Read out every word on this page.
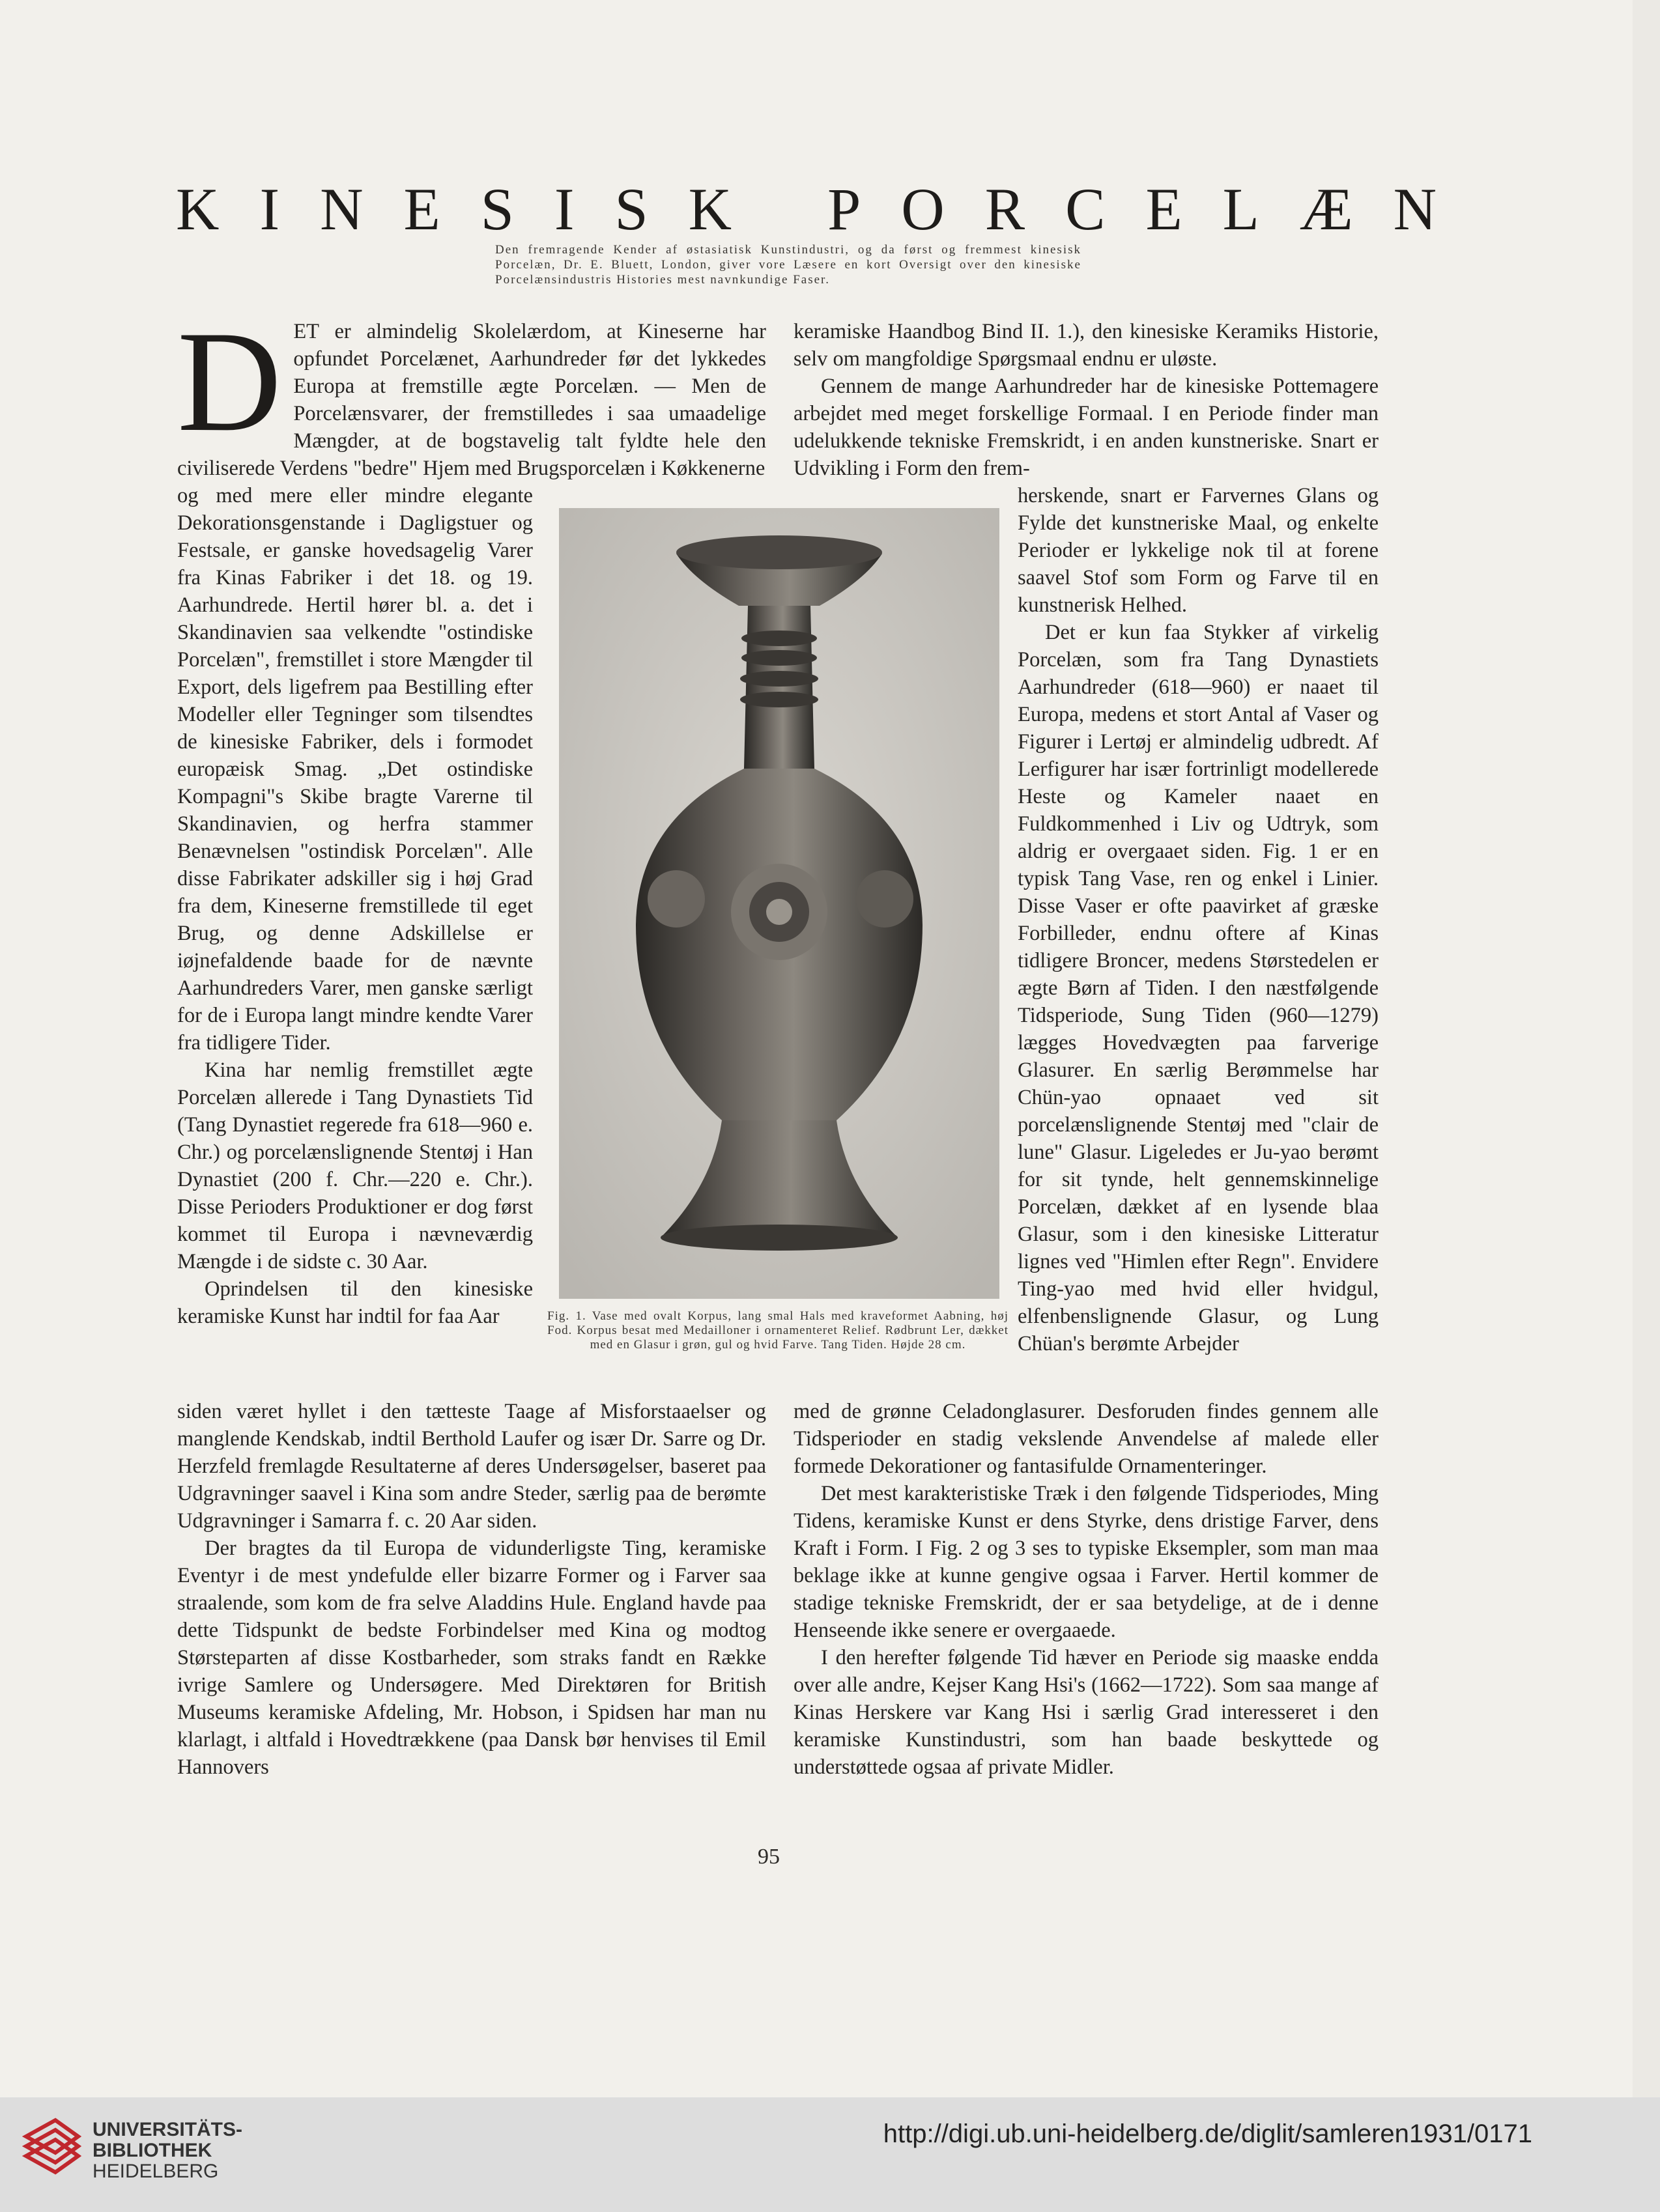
KINESISK PORCELÆN
Den fremragende Kender af østasiatisk Kunstindustri, og da først og fremmest kinesisk Porcelæn, Dr. E. Bluett, London, giver vore Læsere en kort Oversigt over den kinesiske Porcelænsindustris Histories mest navnkundige Faser.

DET er almindelig Skolelærdom, at Kineserne har opfundet Porcelænet, Aarhundreder før det lykkedes Europa at fremstille ægte Porcelæn. — Men de Porcelænsvarer, der fremstilledes i saa umaadelige Mængder, at de bogstavelig talt fyldte hele den civiliserede Verdens "bedre" Hjem med Brugsporcelæn i Køkkenerne

og med mere eller mindre elegante Dekorationsgenstande i Dagligstuer og Festsale, er ganske hovedsagelig Varer fra Kinas Fabriker i det 18. og 19. Aarhundrede. Hertil hører bl. a. det i Skandinavien saa velkendte "ostindiske Porcelæn", fremstillet i store Mængder til Export, dels ligefrem paa Bestilling efter Modeller eller Tegninger som tilsendtes de kinesiske Fabriker, dels i formodet europæisk Smag. „Det ostindiske Kompagni"s Skibe bragte Varerne til Skandinavien, og herfra stammer Benævnelsen "ostindisk Porcelæn". Alle disse Fabrikater adskiller sig i høj Grad fra dem, Kineserne fremstillede til eget Brug, og denne Adskillelse er iøjnefaldende baade for de nævnte Aarhundreders Varer, men ganske særligt for de i Europa langt mindre kendte Varer fra tidligere Tider.

Kina har nemlig fremstillet ægte Porcelæn allerede i Tang Dynastiets Tid (Tang Dynastiet regerede fra 618—960 e. Chr.) og porcelænslignende Stentøj i Han Dynastiet (200 f. Chr.—220 e. Chr.). Disse Perioders Produktioner er dog først kommet til Europa i nævneværdig Mængde i de sidste c. 30 Aar.

Oprindelsen til den kinesiske keramiske Kunst har indtil for faa Aar

siden været hyllet i den tætteste Taage af Misforstaaelser og manglende Kendskab, indtil Berthold Laufer og især Dr. Sarre og Dr. Herzfeld fremlagde Resultaterne af deres Undersøgelser, baseret paa Udgravninger saavel i Kina som andre Steder, særlig paa de berømte Udgravninger i Samarra f. c. 20 Aar siden.

Der bragtes da til Europa de vidunderligste Ting, keramiske Eventyr i de mest yndefulde eller bizarre Former og i Farver saa straalende, som kom de fra selve Aladdins Hule. England havde paa dette Tidspunkt de bedste Forbindelser med Kina og modtog Størsteparten af disse Kostbarheder, som straks fandt en Række ivrige Samlere og Undersøgere. Med Direktøren for British Museums keramiske Afdeling, Mr. Hobson, i Spidsen har man nu klarlagt, i altfald i Hovedtrækkene (paa Dansk bør henvises til Emil Hannovers

keramiske Haandbog Bind II. 1.), den kinesiske Keramiks Historie, selv om mangfoldige Spørgsmaal endnu er uløste.

Gennem de mange Aarhundreder har de kinesiske Pottemagere arbejdet med meget forskellige Formaal. I en Periode finder man udelukkende tekniske Fremskridt, i en anden kunstneriske. Snart er Udvikling i Form den frem-

herskende, snart er Farvernes Glans og Fylde det kunstneriske Maal, og enkelte Perioder er lykkelige nok til at forene saavel Stof som Form og Farve til en kunstnerisk Helhed.

Det er kun faa Stykker af virkelig Porcelæn, som fra Tang Dynastiets Aarhundreder (618—960) er naaet til Europa, medens et stort Antal af Vaser og Figurer i Lertøj er almindelig udbredt. Af Lerfigurer har især fortrinligt modellerede Heste og Kameler naaet en Fuldkommenhed i Liv og Udtryk, som aldrig er overgaaet siden. Fig. 1 er en typisk Tang Vase, ren og enkel i Linier. Disse Vaser er ofte paavirket af græske Forbilleder, endnu oftere af Kinas tidligere Broncer, medens Størstedelen er ægte Børn af Tiden. I den næstfølgende Tidsperiode, Sung Tiden (960—1279) lægges Hovedvægten paa farverige Glasurer. En særlig Berømmelse har Chün-yao opnaaet ved sit porcelænslignende Stentøj med "clair de lune" Glasur. Ligeledes er Ju-yao berømt for sit tynde, helt gennemskinnelige Porcelæn, dækket af en lysende blaa Glasur, som i den kinesiske Litteratur lignes ved "Himlen efter Regn". Envidere Ting-yao med hvid eller hvidgul, elfenbenslignende Glasur, og Lung Chüan's berømte Arbejder

med de grønne Celadonglasurer. Desforuden findes gennem alle Tidsperioder en stadig vekslende Anvendelse af malede eller formede Dekorationer og fantasifulde Ornamenteringer.

Det mest karakteristiske Træk i den følgende Tidsperiodes, Ming Tidens, keramiske Kunst er dens Styrke, dens dristige Farver, dens Kraft i Form. I Fig. 2 og 3 ses to typiske Eksempler, som man maa beklage ikke at kunne gengive ogsaa i Farver. Hertil kommer de stadige tekniske Fremskridt, der er saa betydelige, at de i denne Henseende ikke senere er overgaaede.

I den herefter følgende Tid hæver en Periode sig maaske endda over alle andre, Kejser Kang Hsi's (1662—1722). Som saa mange af Kinas Herskere var Kang Hsi i særlig Grad interesseret i den keramiske Kunstindustri, som han baade beskyttede og understøttede ogsaa af private Midler.

Fig. 1. Vase med ovalt Korpus, lang smal Hals med kraveformet Aabning, høj Fod. Korpus besat med Medailloner i ornamenteret Relief. Rødbrunt Ler, dækket med en Glasur i grøn, gul og hvid Farve. Tang Tiden. Højde 28 cm.
95
UNIVERSITÄTS-
BIBLIOTHEK
HEIDELBERG
http://digi.ub.uni-heidelberg.de/diglit/samleren1931/0171
